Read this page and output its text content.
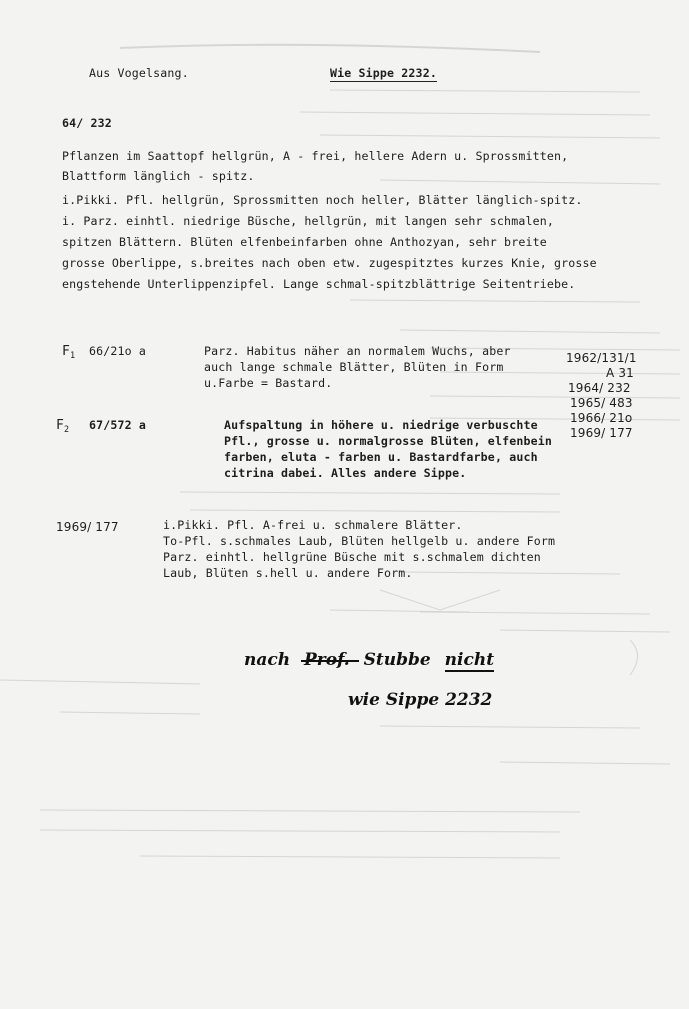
Aus Vogelsang.	Wie Sippe 2232.
64/ 232
Pflanzen im Saattopf hellgrün, A - frei, hellere Adern u. Sprossmitten,
Blattform länglich - spitz.
i.Pikki. Pfl. hellgrün, Sprossmitten noch heller, Blätter länglich-spitz.
i. Parz. einhtl. niedrige Büsche, hellgrün, mit langen sehr schmalen,
spitzen Blättern. Blüten elfenbeinfarben ohne Anthozyan, sehr breite
grosse Oberlippe, s.breites nach oben etw. zugespitztes kurzes Knie, grosse
engstehende Unterlippenzipfel. Lange schmal-spitzblättrige Seitentriebe.
$F_1$ 66/21o a	Parz. Habitus näher an normalem Wuchs, aber
auch lange schmale Blätter, Blüten in Form
u.Farbe = Bastard.
$F_2$ 67/572 a	Aufspaltung in höhere u. niedrige verbuschte
Pfl., grosse u. normalgrosse Blüten, elfenbein
farben, eluta - farben u. Bastardfarbe, auch
citrina dabei. Alles andere Sippe.
1962/131/1
A 31
1964/ 232
1965/ 483
1966/ 21o
1969/ 177
1969/ 177	i.Pikki. Pfl. A-frei u. schmalere Blätter.
To-Pfl. s.schmales Laub, Blüten hellgelb u. andere Form
Parz. einhtl. hellgrüne Büsche mit s.schmalem dichten
Laub, Blüten s.hell u. andere Form.
nach Prof. Stubbe nicht
wie Sippe 2232
